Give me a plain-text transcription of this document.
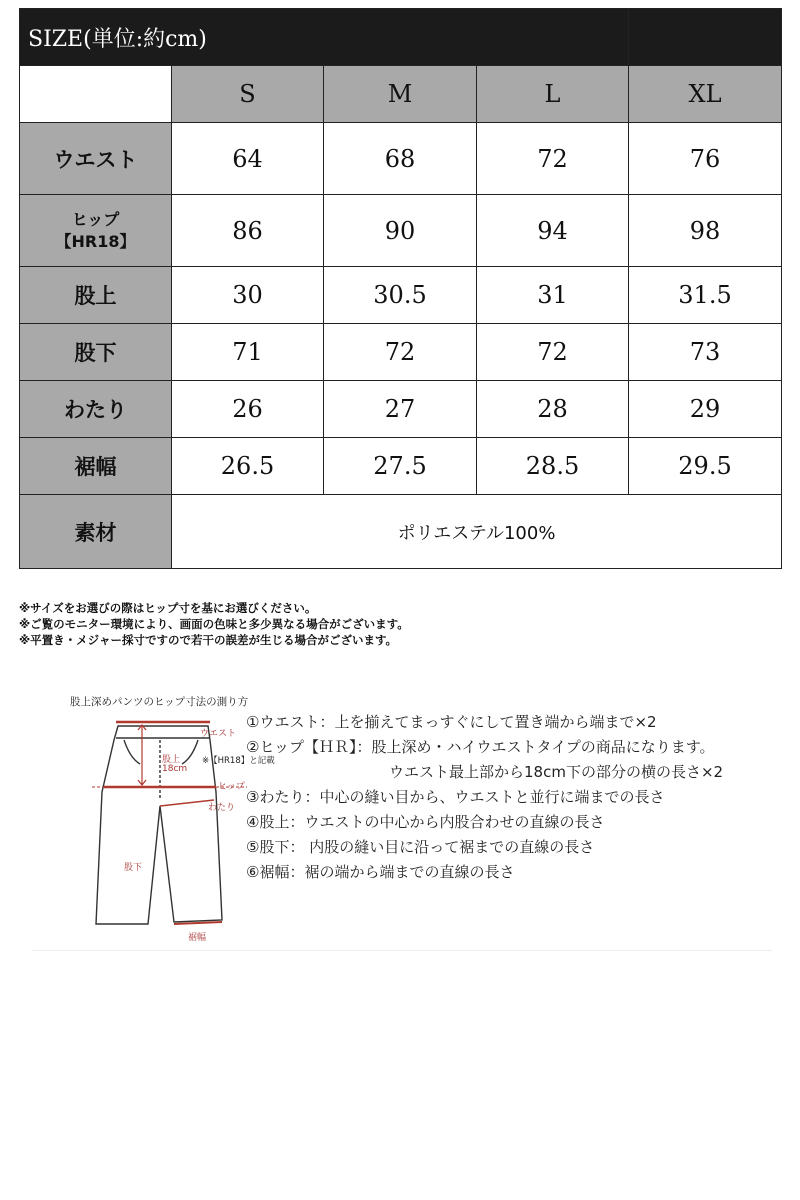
SIZE(単位:約cm)				
	S	M	L	XL
ウエスト	64	68	72	76

ヒップ
【HR18】	86	90	94	98
股上	30	30.5	31	31.5
股下	71	72	72	73
わたり	26	27	28	29
裾幅	26.5	27.5	28.5	29.5
素材	ポリエステル100%			
※サイズをお選びの際はヒップ寸を基にお選びください。
※ご覧のモニター環境により、画面の色味と多少異なる場合がございます。
※平置き・メジャー採寸ですので若干の誤差が生じる場合がございます。
股上深めパンツのヒップ寸法の測り方
ウエスト
股上
18cm
※【HR18】と記載
ヒップ
わたり
股下
裾幅
①ウエスト：上を揃えてまっすぐにして置き端から端まで×2
②ヒップ【ＨＲ】：股上深め・ハイウエストタイプの商品になります。
ウエスト最上部から18cm下の部分の横の長さ×2
③わたり：中心の縫い目から、ウエストと並行に端までの長さ
④股上：ウエストの中心から内股合わせの直線の長さ
⑤股下： 内股の縫い目に沿って裾までの直線の長さ
⑥裾幅：裾の端から端までの直線の長さ
